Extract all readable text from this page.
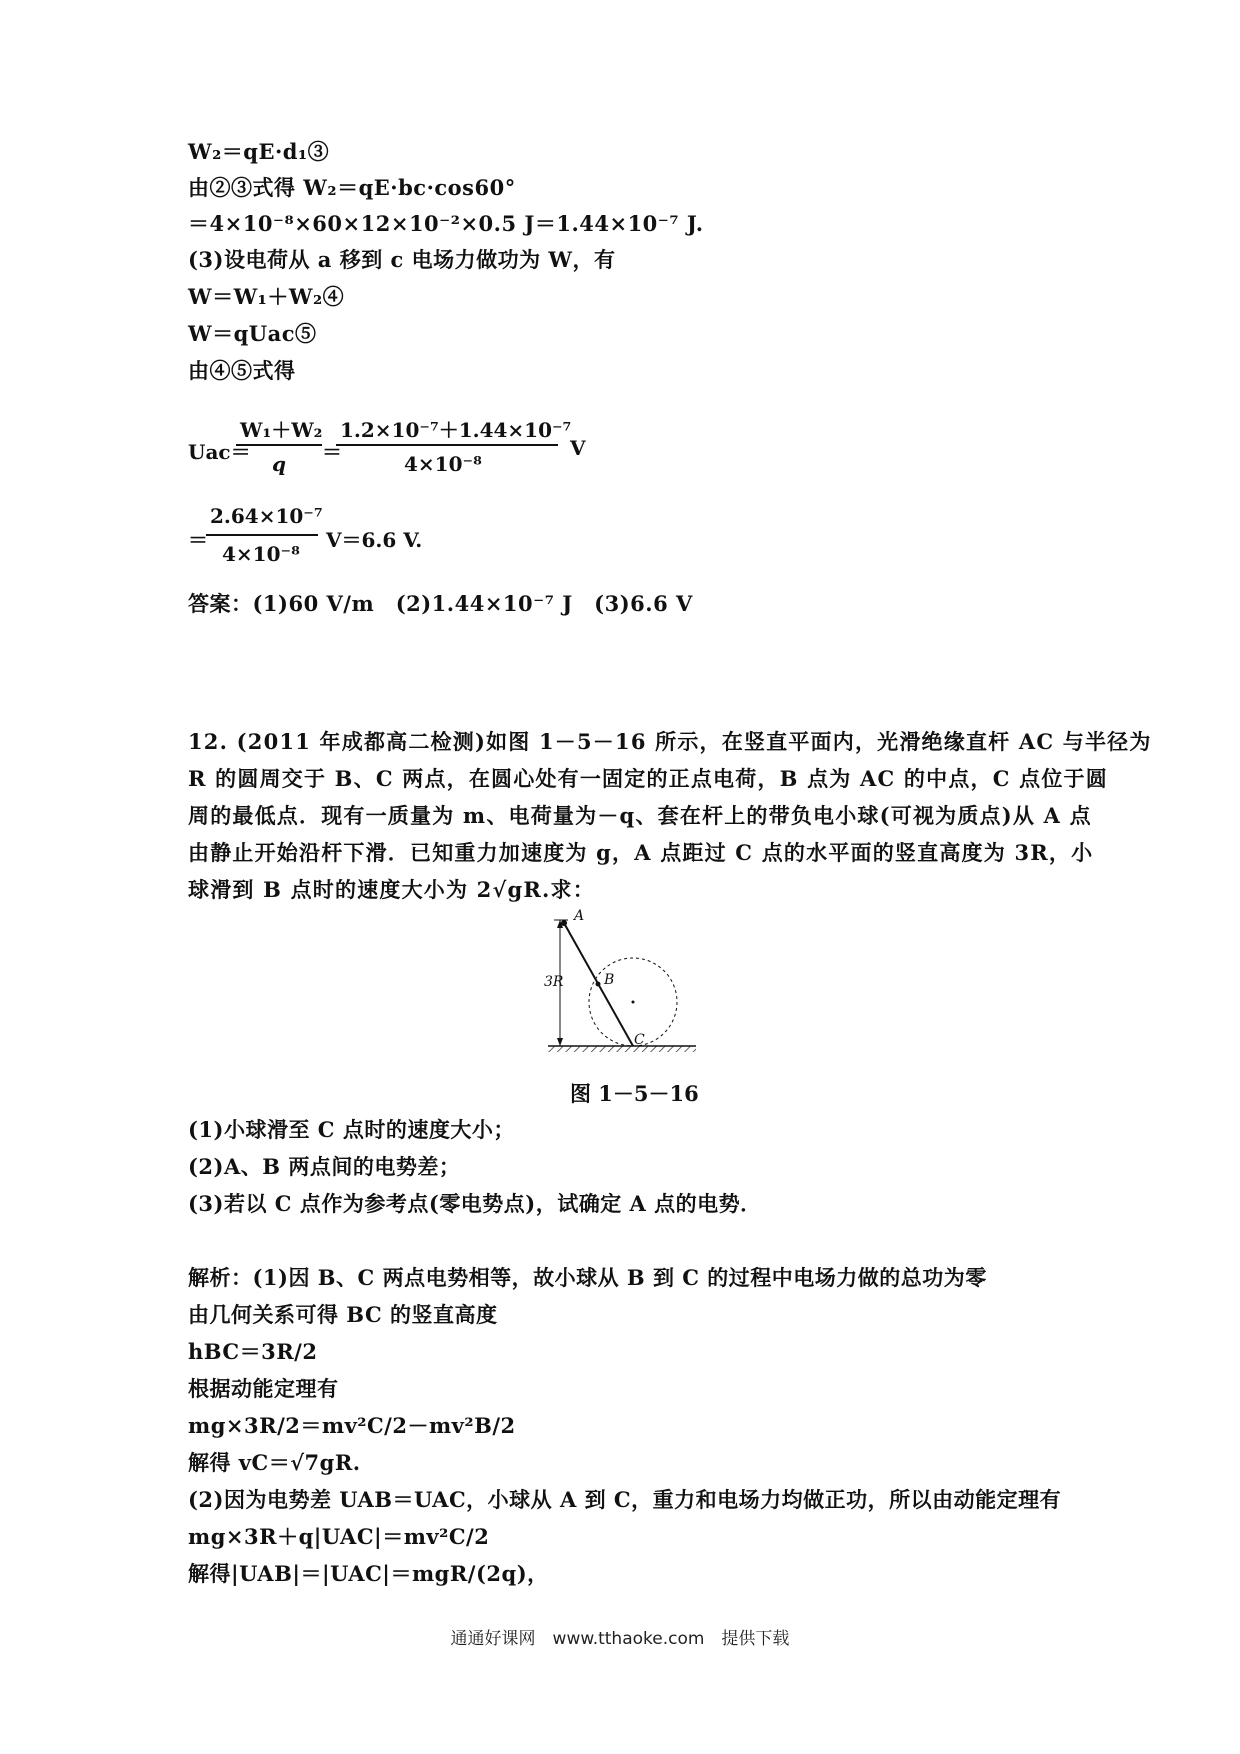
W₂＝qE·d₁③
由②③式得 W₂＝qE·bc·cos60°
＝4×10⁻⁸×60×12×10⁻²×0.5 J＝1.44×10⁻⁷ J.
(3)设电荷从 a 移到 c 电场力做功为 W，有
W＝W₁＋W₂④
W＝qUac⑤
由④⑤式得
Uac＝
W₁＋W₂
q ＝
1.2×10⁻⁷＋1.44×10⁻⁷
4×10⁻⁸
V
＝
2.64×10⁻⁷
4×10⁻⁸
V＝6.6 V.
答案：(1)60 V/m　(2)1.44×10⁻⁷ J　(3)6.6 V
12. (2011 年成都高二检测)如图 1－5－16 所示，在竖直平面内，光滑绝缘直杆 AC 与半径为
R 的圆周交于 B、C 两点，在圆心处有一固定的正点电荷，B 点为 AC 的中点，C 点位于圆
周的最低点．现有一质量为 m、电荷量为－q、套在杆上的带负电小球(可视为质点)从 A 点
由静止开始沿杆下滑．已知重力加速度为 g，A 点距过 C 点的水平面的竖直高度为 3R，小
球滑到 B 点时的速度大小为 2√gR.求：
A
3R	B
C
图 1－5－16
(1)小球滑至 C 点时的速度大小；
(2)A、B 两点间的电势差；
(3)若以 C 点作为参考点(零电势点)，试确定 A 点的电势．
解析：(1)因 B、C 两点电势相等，故小球从 B 到 C 的过程中电场力做的总功为零
由几何关系可得 BC 的竖直高度
hBC＝3R/2
根据动能定理有
mg×3R/2＝mv²C/2－mv²B/2
解得 vC＝√7gR.
(2)因为电势差 UAB＝UAC，小球从 A 到 C，重力和电场力均做正功，所以由动能定理有
mg×3R＋q|UAC|＝mv²C/2
解得|UAB|＝|UAC|＝mgR/(2q)，
通通好课网　www.tthaoke.com　提供下载
